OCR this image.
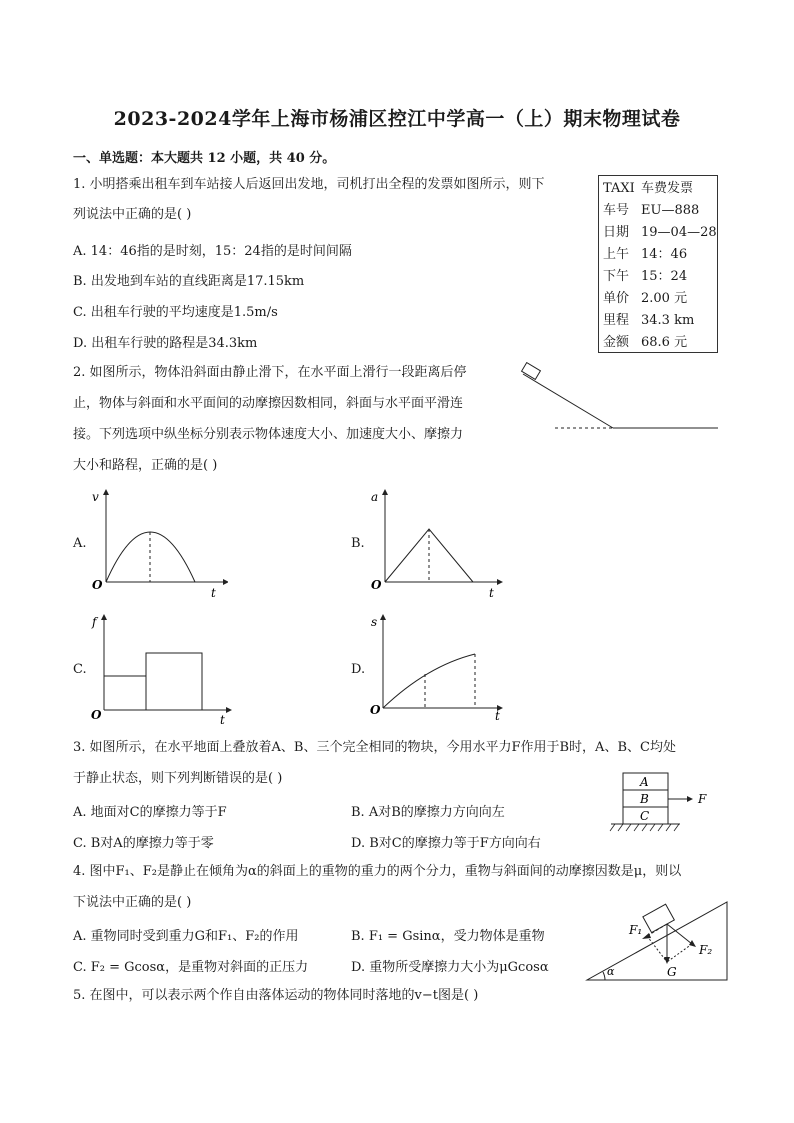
2023-2024学年上海市杨浦区控江中学高一（上）期末物理试卷
一、单选题：本大题共 12 小题，共 40 分。
1. 小明搭乘出租车到车站接人后返回出发地，司机打出全程的发票如图所示，则下
列说法中正确的是( )
A. 14：46指的是时刻，15：24指的是时间间隔
B. 出发地到车站的直线距离是17.15km
C. 出租车行驶的平均速度是1.5m/s
D. 出租车行驶的路程是34.3km
TAXI 车费发票
车号 EU—888
日期 19—04—28
上午 14：46
下午 15：24
单价 2.00 元
里程 34.3 km
金额 68.6 元
2. 如图所示，物体沿斜面由静止滑下，在水平面上滑行一段距离后停
止，物体与斜面和水平面间的动摩擦因数相同，斜面与水平面平滑连
接。下列选项中纵坐标分别表示物体速度大小、加速度大小、摩擦力
大小和路程，正确的是( )
A.
v
O
t
B.
a
O
t
C.
f
O	t
D.
s
O	t
3. 如图所示，在水平地面上叠放着A、B、三个完全相同的物块，今用水平力F作用于B时，A、B、C均处
于静止状态，则下列判断错误的是( )
A. 地面对C的摩擦力等于F	B. A对B的摩擦力方向向左
C. B对A的摩擦力等于零	D. B对C的摩擦力等于F方向向右
A
B
C
F
4. 图中F₁、F₂是静止在倾角为α的斜面上的重物的重力的两个分力，重物与斜面间的动摩擦因数是μ，则以
下说法中正确的是( )
A. 重物同时受到重力G和F₁、F₂的作用	B. F₁ = Gsinα，受力物体是重物
C. F₂ = Gcosα，是重物对斜面的正压力	D. 重物所受摩擦力大小为μGcosα	α
F₁
F₂
G
5. 在图中，可以表示两个作自由落体运动的物体同时落地的v−t图是( )
